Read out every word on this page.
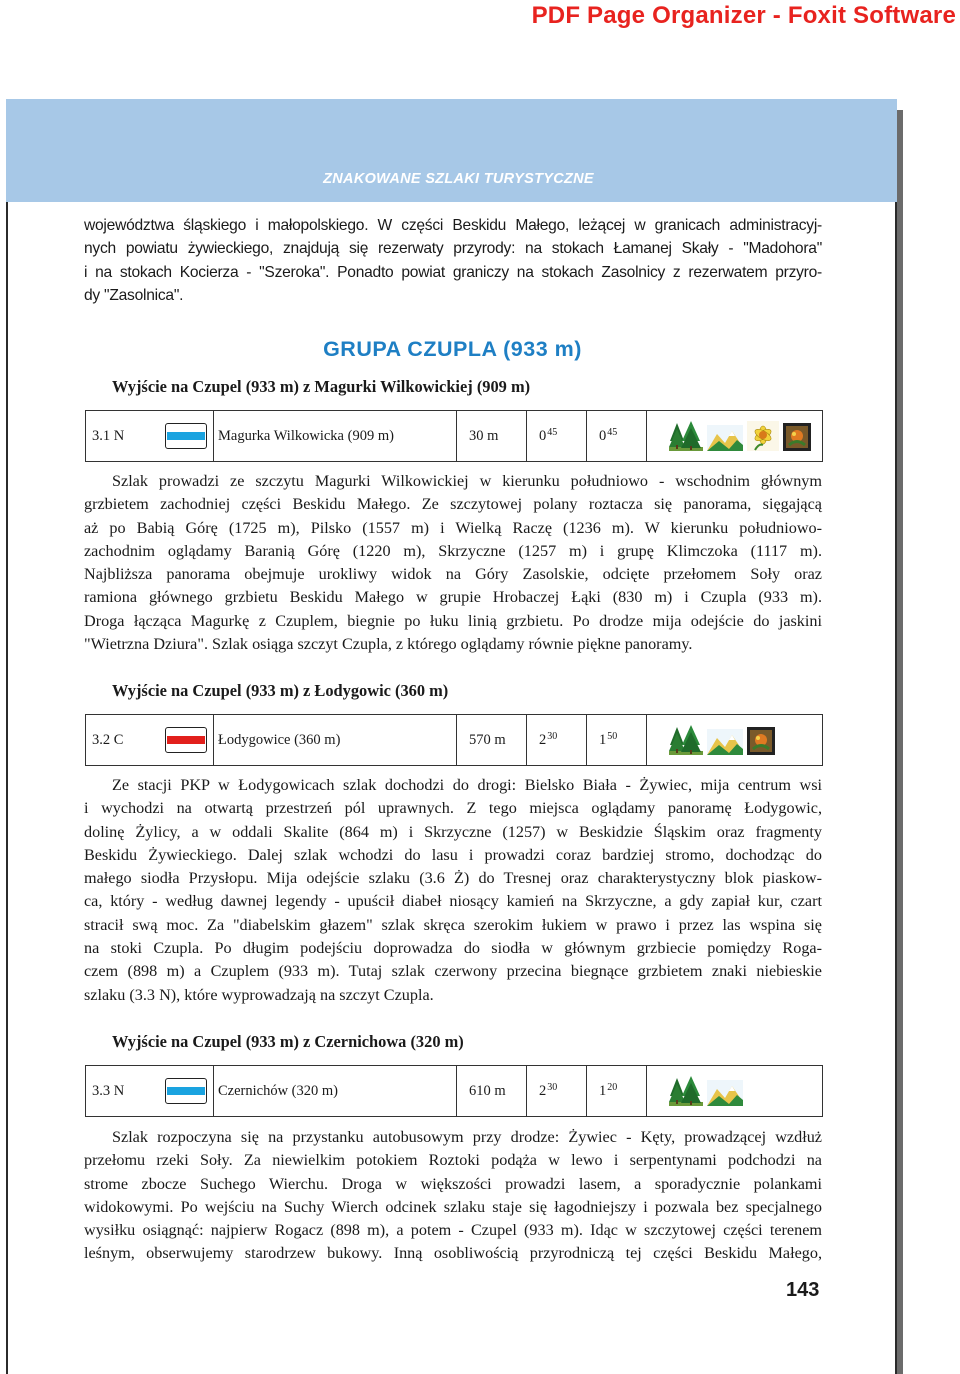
PDF Page Organizer - Foxit Software
ZNAKOWANE SZLAKI TURYSTYCZNE
województwa śląskiego i małopolskiego. W części Beskidu Małego, leżącej w granicach administracyj-
nych powiatu żywieckiego, znajdują się rezerwaty przyrody: na stokach Łamanej Skały - "Madohora"
i na stokach Kocierza - "Szeroka". Ponadto powiat graniczy na stokach Zasolnicy z rezerwatem przyro-
dy "Zasolnica".
GRUPA CZUPLA (933 m)
Wyjście na Czupel (933 m) z Magurki Wilkowickiej (909 m)
3.1 N	Magurka Wilkowicka (909 m)	30 m	$0^{45}$	$0^{45}$
Szlak prowadzi ze szczytu Magurki Wilkowickiej w kierunku południowo - wschodnim głównym
grzbietem zachodniej części Beskidu Małego. Ze szczytowej polany roztacza się panorama, sięgającą
aż po Babią Górę (1725 m), Pilsko (1557 m) i Wielką Raczę (1236 m). W kierunku południowo-
zachodnim oglądamy Baranią Górę (1220 m), Skrzyczne (1257 m) i grupę Klimczoka (1117 m).
Najbliższa panorama obejmuje urokliwy widok na Góry Zasolskie, odcięte przełomem Soły oraz
ramiona głównego grzbietu Beskidu Małego w grupie Hrobaczej Łąki (830 m) i Czupla (933 m).
Droga łącząca Magurkę z Czuplem, biegnie po łuku linią grzbietu. Po drodze mija odejście do jaskini
"Wietrzna Dziura". Szlak osiąga szczyt Czupla, z którego oglądamy równie piękne panoramy.
Wyjście na Czupel (933 m) z Łodygowic (360 m)
3.2 C	Łodygowice (360 m)	570 m	$2^{30}$	$1^{50}$
Ze stacji PKP w Łodygowicach szlak dochodzi do drogi: Bielsko Biała - Żywiec, mija centrum wsi
i wychodzi na otwartą przestrzeń pól uprawnych. Z tego miejsca oglądamy panoramę Łodygowic,
dolinę Żylicy, a w oddali Skalite (864 m) i Skrzyczne (1257) w Beskidzie Śląskim oraz fragmenty
Beskidu Żywieckiego. Dalej szlak wchodzi do lasu i prowadzi coraz bardziej stromo, dochodząc do
małego siodła Przysłopu. Mija odejście szlaku (3.6 Ż) do Tresnej oraz charakterystyczny blok piaskow-
ca, który - według dawnej legendy - upuścił diabeł niosący kamień na Skrzyczne, a gdy zapiał kur, czart
stracił swą moc. Za "diabelskim głazem" szlak skręca szerokim łukiem w prawo i przez las wspina się
na stoki Czupla. Po długim podejściu doprowadza do siodła w głównym grzbiecie pomiędzy Roga-
czem (898 m) a Czuplem (933 m). Tutaj szlak czerwony przecina biegnące grzbietem znaki niebieskie
szlaku (3.3 N), które wyprowadzają na szczyt Czupla.
Wyjście na Czupel (933 m) z Czernichowa (320 m)
3.3 N	Czernichów (320 m)	610 m	$2^{30}$	$1^{20}$
Szlak rozpoczyna się na przystanku autobusowym przy drodze: Żywiec - Kęty, prowadzącej wzdłuż
przełomu rzeki Soły. Za niewielkim potokiem Roztoki podąża w lewo i serpentynami podchodzi na
strome zbocze Suchego Wierchu. Droga w większości prowadzi lasem, a sporadycznie polankami
widokowymi. Po wejściu na Suchy Wierch odcinek szlaku staje się łagodniejszy i pozwala bez specjalnego
wysiłku osiągnąć: najpierw Rogacz (898 m), a potem - Czupel (933 m). Idąc w szczytowej części terenem
leśnym, obserwujemy starodrzew bukowy. Inną osobliwością przyrodniczą tej części Beskidu Małego,
143
